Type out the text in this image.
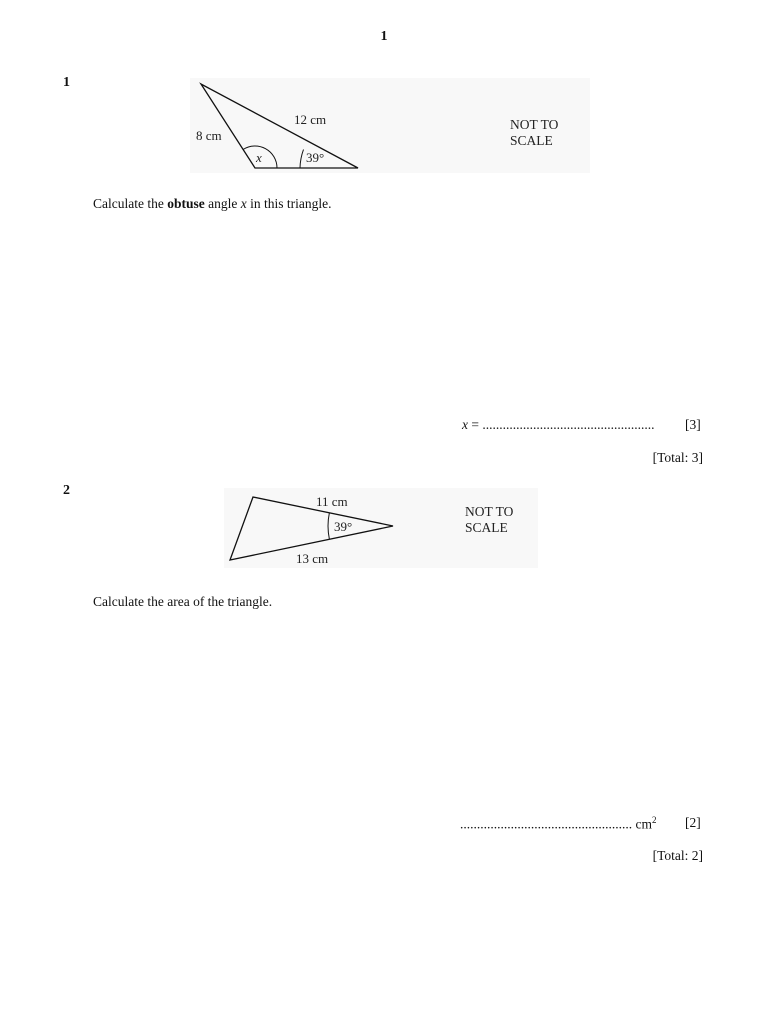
1
1
8 cm
12 cm
x	39°
NOT TO
SCALE
Calculate the obtuse angle x in this triangle.
x = ................................................... [3]
[Total: 3]
2
11 cm
13 cm
39°
NOT TO
SCALE
Calculate the area of the triangle.
................................................... $cm^2$ [2]
[Total: 2]
